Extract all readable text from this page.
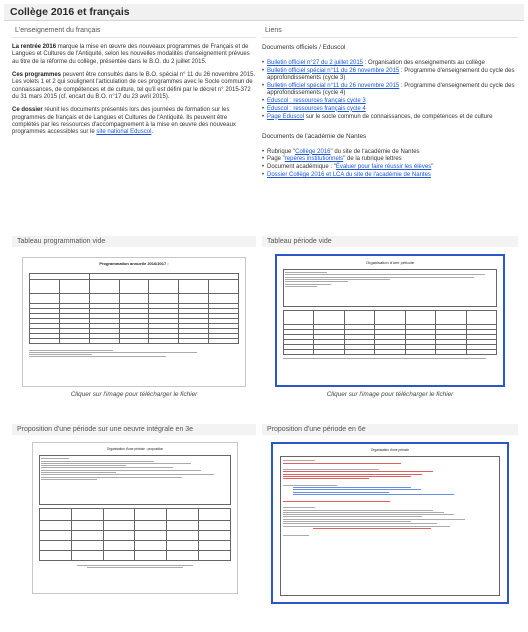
Collège 2016 et français
L'enseignement du français

La rentrée 2016 marque la mise en œuvre des nouveaux programmes de Français et de Langues et Cultures de l'Antiquité, selon les nouvelles modalités d'enseignement prévues au titre de la réforme du collège, présentée dans le B.O. du 2 juillet 2015.

Ces programmes peuvent être consultés dans le B.O. spécial n° 11 du 26 novembre 2015. Les volets 1 et 2 qui soulignent l'articulation de ces programmes avec le Socle commun de connaissances, de compétences et de culture, tel qu'il est défini par le décret n° 2015-372 du 31 mars 2015 (cf. encart du B.O. n°17 du 23 avril 2015).

Ce dossier réunit les documents présentés lors des journées de formation sur les programmes de français et de Langues et Cultures de l'Antiquité. Ils peuvent être complétés par les ressources d'accompagnement à la mise en œuvre des nouveaux programmes accessibles sur le site national Eduscol.

Liens
Documents officiels / Eduscol
• Bulletin officiel n°27 du 2 juillet 2015 : Organisation des enseignements au collège
• Bulletin officiel spécial n°11 du 26 novembre 2015 : Programme d'enseignement du cycle des approfondissements (cycle 3)
• Bulletin officiel spécial n°11 du 26 novembre 2015 : Programme d'enseignement du cycle des approfondissements (cycle 4)
• Eduscol : ressources français cycle 3
• Eduscol : ressources français cycle 4
• Page Eduscol sur le socle commun de connaissances, de compétences et de culture
Documents de l'académie de Nantes
• Rubrique "Collège 2016" du site de l'académie de Nantes
• Page "repères institutionnels" de la rubrique lettres
• Document académique : "Évaluer pour faire réussir les élèves"
• Dossier Collège 2016 et LCA du site de l'académie de Nantes
Tableau programmation vide
Programmation annuelle 2016/2017 :

Cliquer sur l'image pour télécharger le fichier
Tableau période vide
Organisation d'une période

Cliquer sur l'image pour télécharger le fichier
Proposition d'une période sur une oeuvre intégrale en 3e
Organisation d'une période : proposition

Proposition d'une période en 6e
Organisation d'une période
